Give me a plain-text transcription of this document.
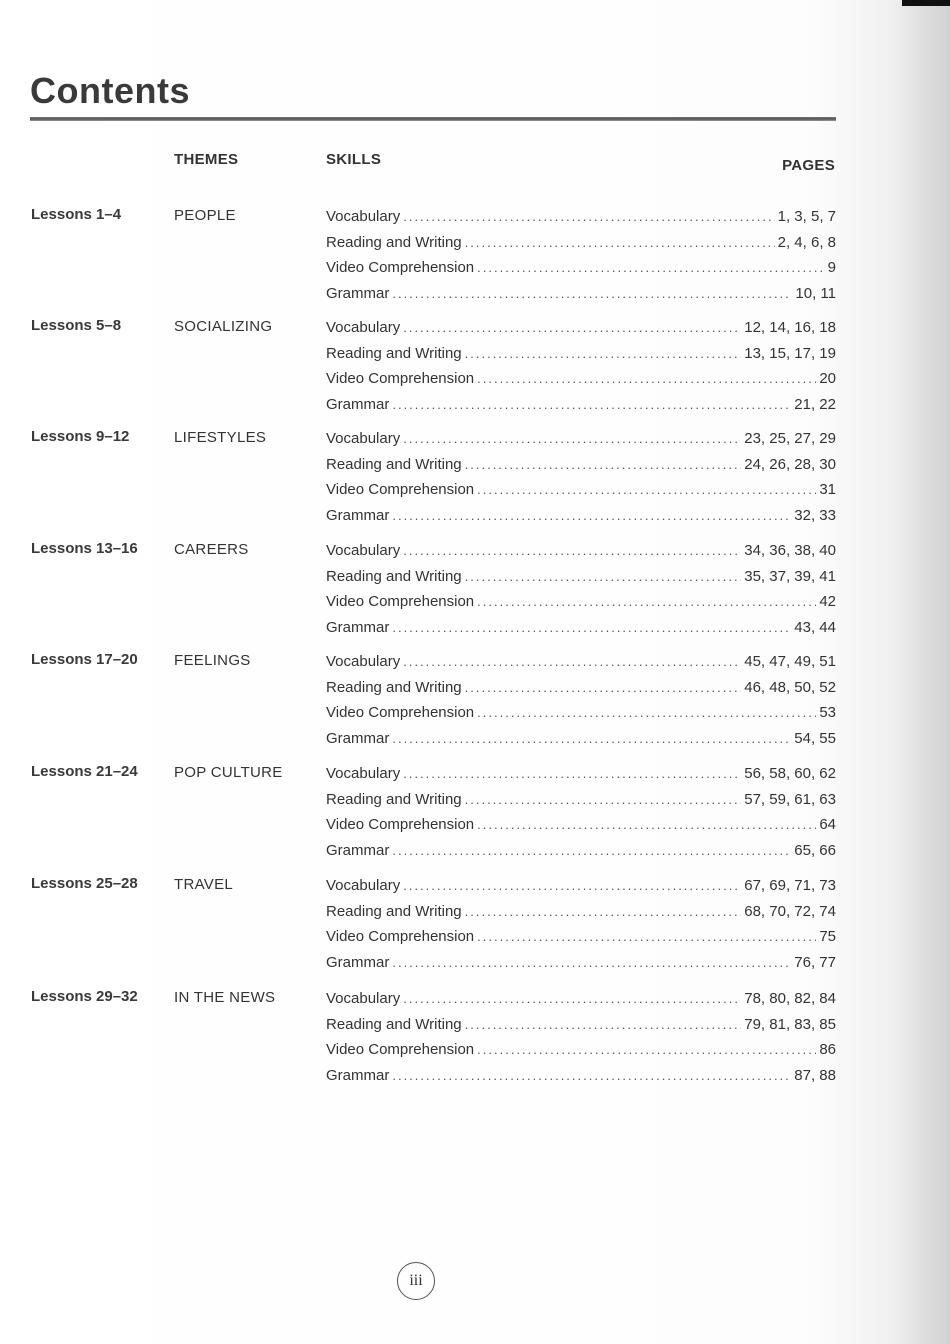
Contents
THEMES	SKILLS	PAGES
Lessons 1–4	PEOPLE	Vocabulary .....	1, 3, 5, 7
Reading and Writing .....	2, 4, 6, 8
Video Comprehension .....	9
Grammar .....	10, 11
Lessons 5–8	SOCIALIZING	Vocabulary .....	12, 14, 16, 18
Reading and Writing .....	13, 15, 17, 19
Video Comprehension .....	20
Grammar .....	21, 22
Lessons 9–12	LIFESTYLES	Vocabulary .....	23, 25, 27, 29
Reading and Writing .....	24, 26, 28, 30
Video Comprehension .....	31
Grammar .....	32, 33
Lessons 13–16 CAREERS	Vocabulary .....	34, 36, 38, 40
Reading and Writing .....	35, 37, 39, 41
Video Comprehension .....	42
Grammar .....	43, 44
Lessons 17–20 FEELINGS	Vocabulary .....	45, 47, 49, 51
Reading and Writing .....	46, 48, 50, 52
Video Comprehension .....	53
Grammar .....	54, 55
Lessons 21–24 POP CULTURE	Vocabulary .....	56, 58, 60, 62
Reading and Writing .....	57, 59, 61, 63
Video Comprehension .....	64
Grammar .....	65, 66
Lessons 25–28 TRAVEL	Vocabulary .....	67, 69, 71, 73
Reading and Writing .....	68, 70, 72, 74
Video Comprehension .....	75
Grammar .....	76, 77
Lessons 29–32 IN THE NEWS	Vocabulary .....	78, 80, 82, 84
Reading and Writing .....	79, 81, 83, 85
Video Comprehension .....	86
Grammar .....	87, 88
iii
